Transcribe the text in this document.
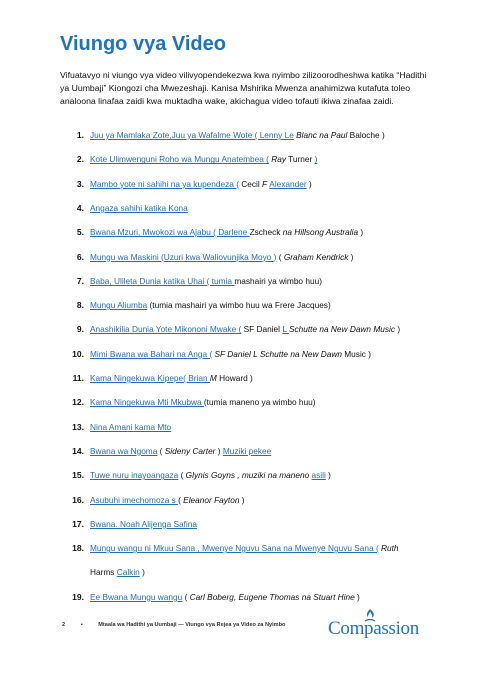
Viungo vya Video

Vifuatavyo ni viungo vya video vilivyopendekezwa kwa nyimbo zilizoorodheshwa katika “Hadithi ya Uumbaji” Kiongozi cha Mwezeshaji. Kanisa Mshirika Mwenza anahimizwa kutafuta toleo analoona linafaa zaidi kwa muktadha wake, akichagua video tofauti ikiwa zinafaa zaidi.

1. Juu ya Mamlaka Zote,Juu ya Wafalme Wote ( Lenny Le Blanc na Paul Baloche )
2. Kote Ulimwenguni Roho wa Mungu Anatembea ( Ray Turner )
3. Mambo yote ni sahihi na ya kupendeza ( Cecil F Alexander )
4. Angaza sahihi katika Kona
5. Bwana Mzuri, Mwokozi wa Ajabu ( Darlene Zscheck na Hillsong Australia )
6. Mungu wa Maskini (Uzuri kwa Waliovunjika Moyo ) ( Graham Kendrick )
7. Baba, Ulileta Dunia katika Uhai ( tumia mashairi ya wimbo huu)
8. Mungu Aliumba (tumia mashairi ya wimbo huu wa Frere Jacques)
9. Anashikilia Dunia Yote Mikononi Mwake ( SF Daniel L Schutte na New Dawn Music )
10. Mimi Bwana wa Bahari na Anga ( SF Daniel L Schutte na New Dawn Music )
11. Kama Ningekuwa Kipepe( Brian M Howard )
12. Kama Ningekuwa Mti Mkubwa (tumia maneno ya wimbo huu)
13. Nina Amani kama Mto
14. Bwana wa Ngoma ( Sideny Carter ) Muziki pekee
15. Tuwe nuru inayoangaza ( Glynis Goyns , muziki na maneno asili )
16. Asubuhi imechomoza s ( Eleanor Fayton )
17. Bwana. Noah Alijenga Safina
18. Mungu wangu ni Mkuu Sana , Mwenye Nguvu Sana na Mwenye Nguvu Sana ( Ruth
Harms Calkin )
19. Ee Bwana Mungu wangu ( Carl Boberg, Eugene Thomas na Stuart Hine )
2	•	Mtaala wa Hadithi ya Uumbaji — Viungo vya Rejea ya Video za Nyimbo Compassion
